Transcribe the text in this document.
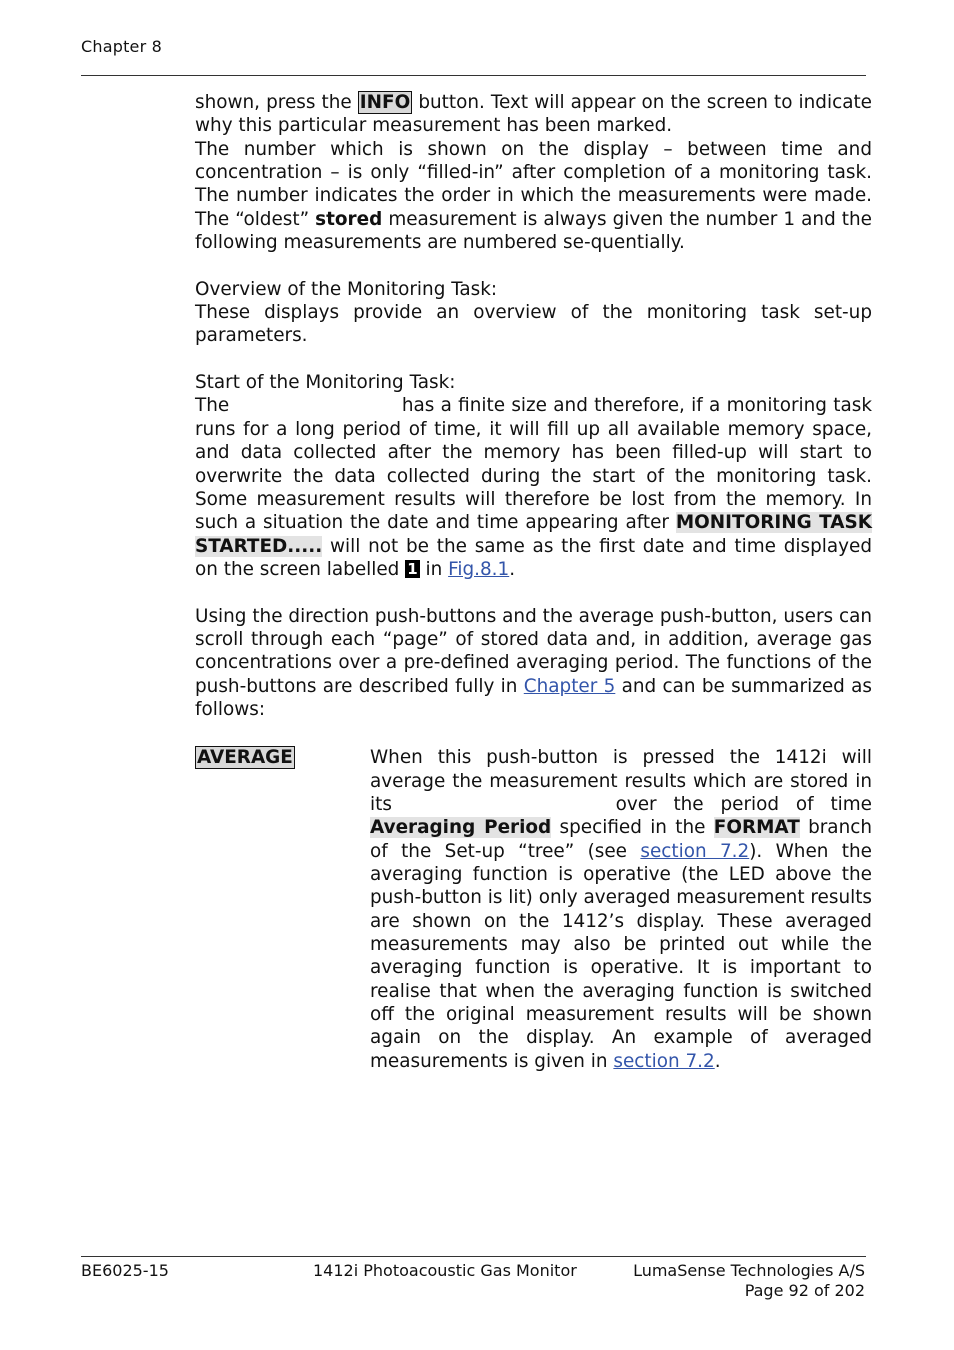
Chapter 8

shown, press the INFO button. Text will appear on the screen to indicate why this particular measurement has been marked.

The number which is shown on the display – between time and concentration – is only “filled-in” after completion of a monitoring task. The number indicates the order in which the measurements were made. The “oldest” stored measurement is always given the number 1 and the following measurements are numbered se-quentially.

Overview of the Monitoring Task:

These displays provide an overview of the monitoring task set-up parameters.

Start of the Monitoring Task:

The	has a finite size and therefore, if a monitoring task runs for a long period of time, it will fill up all available memory space, and data collected after the memory has been filled-up will start to overwrite the data collected during the start of the monitoring task. Some measurement results will therefore be lost from the memory. In such a situation the date and time appearing after MONITORING TASK STARTED..... will not be the same as the first date and time displayed on the screen labelled 1 in Fig.8.1.

Using the direction push-buttons and the average push-button, users can scroll through each “page” of stored data and, in addition, average gas concentrations over a pre-defined averaging period. The functions of the push-buttons are described fully in Chapter 5 and can be summarized as follows:

AVERAGE	When this push-button is pressed the 1412i will average the measurement results which are stored in its	over the period of time Averaging Period specified in the FORMAT branch of the Set-up “tree” (see section 7.2). When the averaging function is operative (the LED above the push-button is lit) only averaged measurement results are shown on the 1412’s display. These averaged measurements may also be printed out while the averaging function is operative. It is important to realise that when the averaging function is switched off the original measurement results will be shown again on the display. An example of averaged measurements is given in section 7.2.
BE6025-15	1412i Photoacoustic Gas Monitor	LumaSense Technologies A/S
Page 92 of 202
